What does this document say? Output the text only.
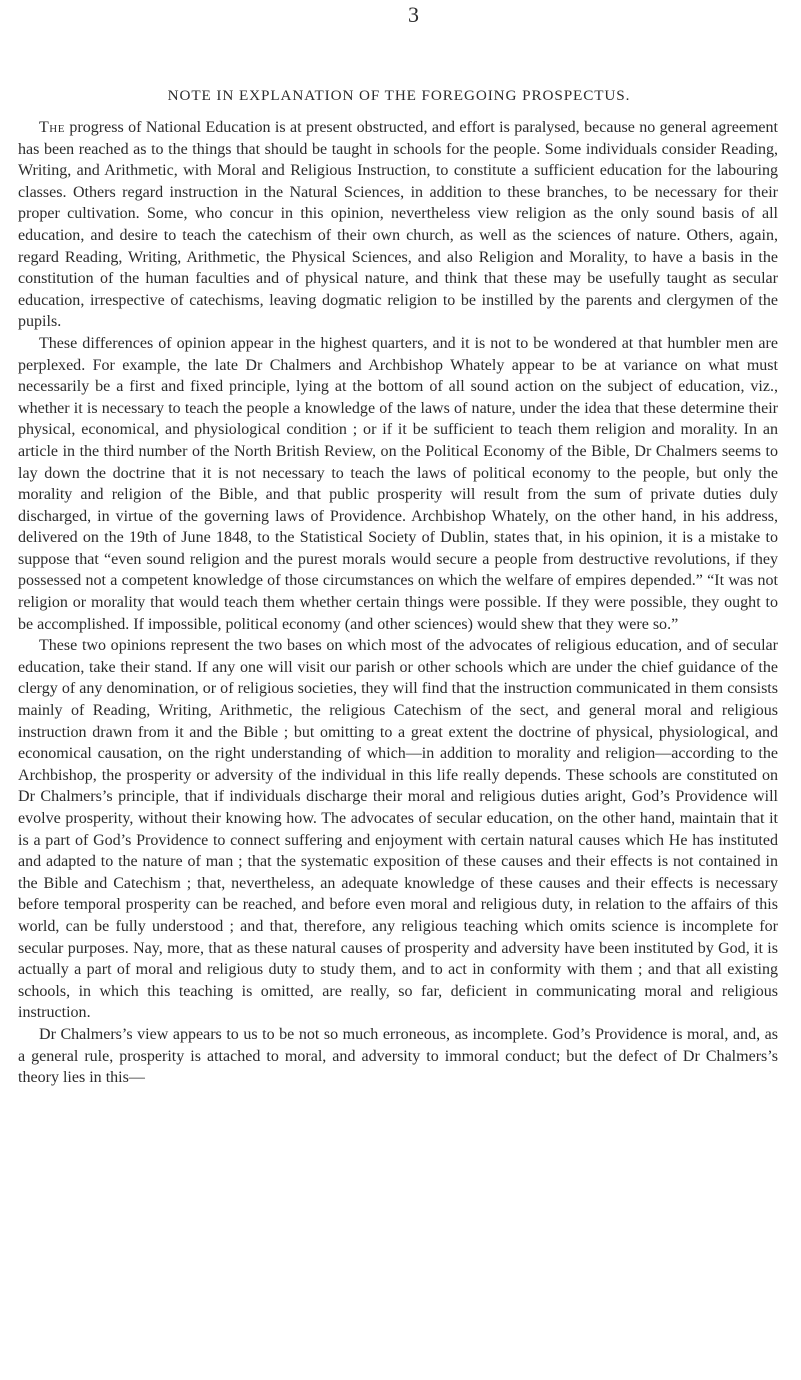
3
NOTE IN EXPLANATION OF THE FOREGOING PROSPECTUS.

The progress of National Education is at present obstructed, and effort is paralysed, because no general agreement has been reached as to the things that should be taught in schools for the people. Some individuals consider Reading, Writing, and Arithmetic, with Moral and Religious Instruction, to constitute a sufficient education for the labouring classes. Others regard instruction in the Natural Sciences, in addition to these branches, to be necessary for their proper cultivation. Some, who concur in this opinion, nevertheless view religion as the only sound basis of all education, and desire to teach the catechism of their own church, as well as the sciences of nature. Others, again, regard Reading, Writing, Arithmetic, the Physical Sciences, and also Religion and Morality, to have a basis in the constitution of the human faculties and of physical nature, and think that these may be usefully taught as secular education, irrespective of catechisms, leaving dogmatic religion to be instilled by the parents and clergymen of the pupils.

These differences of opinion appear in the highest quarters, and it is not to be wondered at that humbler men are perplexed. For example, the late Dr Chalmers and Archbishop Whately appear to be at variance on what must necessarily be a first and fixed principle, lying at the bottom of all sound action on the subject of education, viz., whether it is necessary to teach the people a knowledge of the laws of nature, under the idea that these determine their physical, economical, and physiological condition ; or if it be sufficient to teach them religion and morality. In an article in the third number of the North British Review, on the Political Economy of the Bible, Dr Chalmers seems to lay down the doctrine that it is not necessary to teach the laws of political economy to the people, but only the morality and religion of the Bible, and that public prosperity will result from the sum of private duties duly discharged, in virtue of the governing laws of Providence. Archbishop Whately, on the other hand, in his address, delivered on the 19th of June 1848, to the Statistical Society of Dublin, states that, in his opinion, it is a mistake to suppose that “even sound religion and the purest morals would secure a people from destructive revolutions, if they possessed not a competent knowledge of those circumstances on which the welfare of empires depended.” “It was not religion or morality that would teach them whether certain things were possible. If they were possible, they ought to be accomplished. If impossible, political economy (and other sciences) would shew that they were so.”

These two opinions represent the two bases on which most of the advocates of religious education, and of secular education, take their stand. If any one will visit our parish or other schools which are under the chief guidance of the clergy of any denomination, or of religious societies, they will find that the instruction communicated in them consists mainly of Reading, Writing, Arithmetic, the religious Catechism of the sect, and general moral and religious instruction drawn from it and the Bible ; but omitting to a great extent the doctrine of physical, physiological, and economical causation, on the right understanding of which—in addition to morality and religion—according to the Archbishop, the prosperity or adversity of the individual in this life really depends. These schools are constituted on Dr Chalmers’s principle, that if individuals discharge their moral and religious duties aright, God’s Providence will evolve prosperity, without their knowing how. The advocates of secular education, on the other hand, maintain that it is a part of God’s Providence to connect suffering and enjoyment with certain natural causes which He has instituted and adapted to the nature of man ; that the systematic exposition of these causes and their effects is not contained in the Bible and Catechism ; that, nevertheless, an adequate knowledge of these causes and their effects is necessary before temporal prosperity can be reached, and before even moral and religious duty, in relation to the affairs of this world, can be fully understood ; and that, therefore, any religious teaching which omits science is incomplete for secular purposes. Nay, more, that as these natural causes of prosperity and adversity have been instituted by God, it is actually a part of moral and religious duty to study them, and to act in conformity with them ; and that all existing schools, in which this teaching is omitted, are really, so far, deficient in communicating moral and religious instruction.

Dr Chalmers’s view appears to us to be not so much erroneous, as incomplete. God’s Providence is moral, and, as a general rule, prosperity is attached to moral, and adversity to immoral conduct; but the defect of Dr Chalmers’s theory lies in this—
